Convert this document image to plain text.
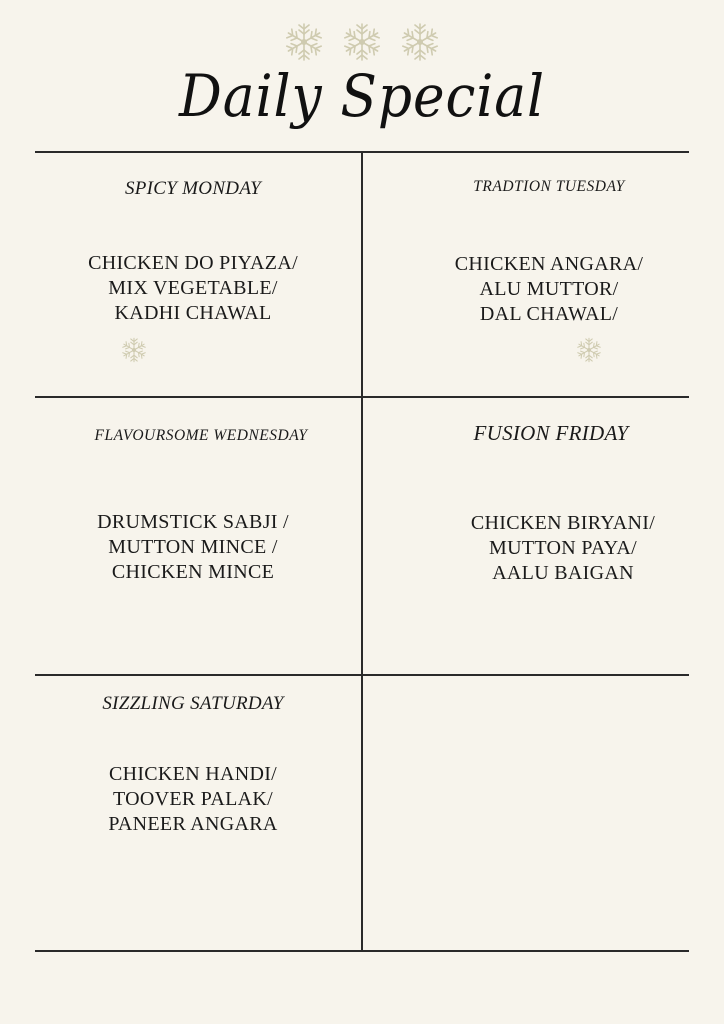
Daily Special
SPICY MONDAY
CHICKEN DO PIYAZA/
MIX VEGETABLE/
KADHI CHAWAL
TRADTION TUESDAY
CHICKEN ANGARA/
ALU MUTTOR/
DAL CHAWAL/
FLAVOURSOME WEDNESDAY
DRUMSTICK SABJI /
MUTTON MINCE /
CHICKEN MINCE
FUSION FRIDAY
CHICKEN BIRYANI/
MUTTON PAYA/
AALU BAIGAN
SIZZLING SATURDAY
CHICKEN HANDI/
TOOVER PALAK/
PANEER ANGARA
